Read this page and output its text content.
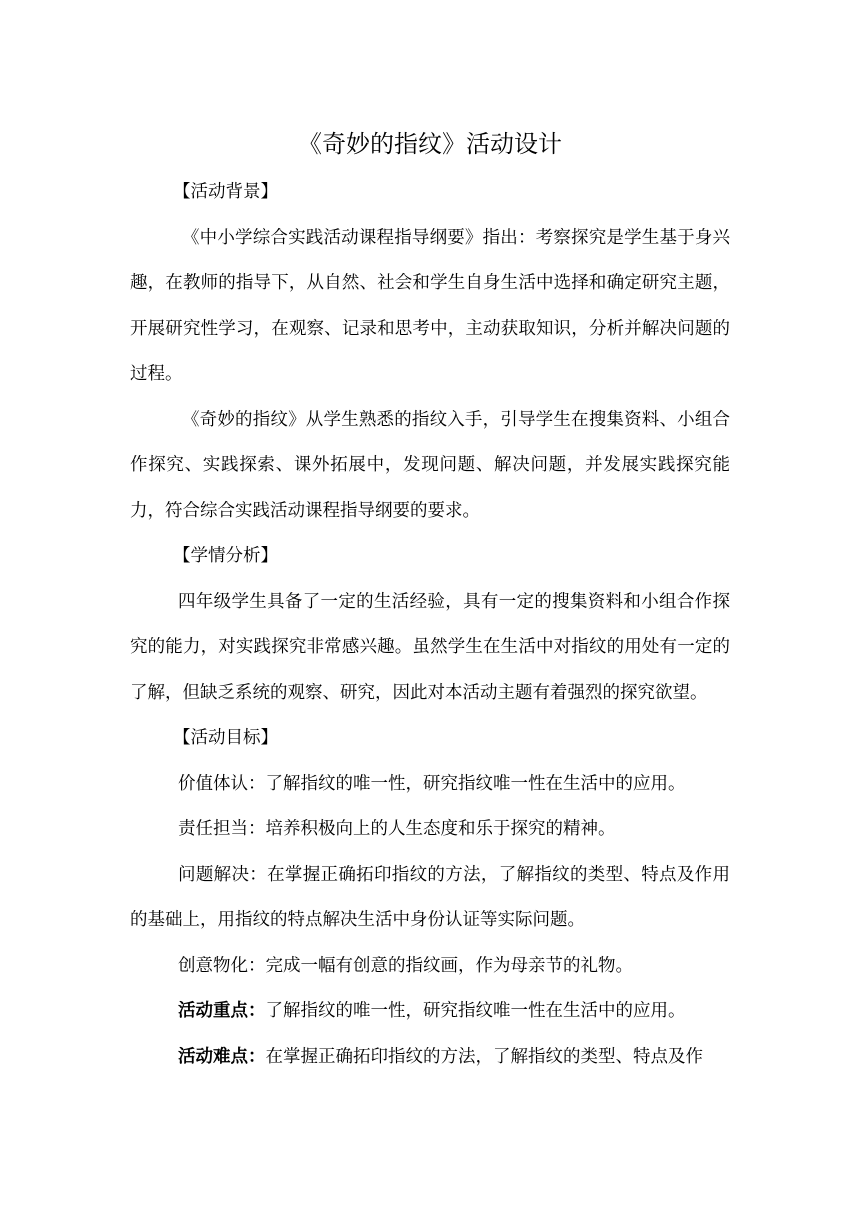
《奇妙的指纹》活动设计

【活动背景】

《中小学综合实践活动课程指导纲要》指出：考察探究是学生基于身兴趣，在教师的指导下，从自然、社会和学生自身生活中选择和确定研究主题，开展研究性学习，在观察、记录和思考中，主动获取知识，分析并解决问题的过程。

《奇妙的指纹》从学生熟悉的指纹入手，引导学生在搜集资料、小组合作探究、实践探索、课外拓展中，发现问题、解决问题，并发展实践探究能力，符合综合实践活动课程指导纲要的要求。

【学情分析】

四年级学生具备了一定的生活经验，具有一定的搜集资料和小组合作探究的能力，对实践探究非常感兴趣。虽然学生在生活中对指纹的用处有一定的了解，但缺乏系统的观察、研究，因此对本活动主题有着强烈的探究欲望。

【活动目标】

价值体认：了解指纹的唯一性，研究指纹唯一性在生活中的应用。

责任担当：培养积极向上的人生态度和乐于探究的精神。

问题解决：在掌握正确拓印指纹的方法，了解指纹的类型、特点及作用的基础上，用指纹的特点解决生活中身份认证等实际问题。

创意物化：完成一幅有创意的指纹画，作为母亲节的礼物。

活动重点：了解指纹的唯一性，研究指纹唯一性在生活中的应用。

活动难点：在掌握正确拓印指纹的方法，了解指纹的类型、特点及作
